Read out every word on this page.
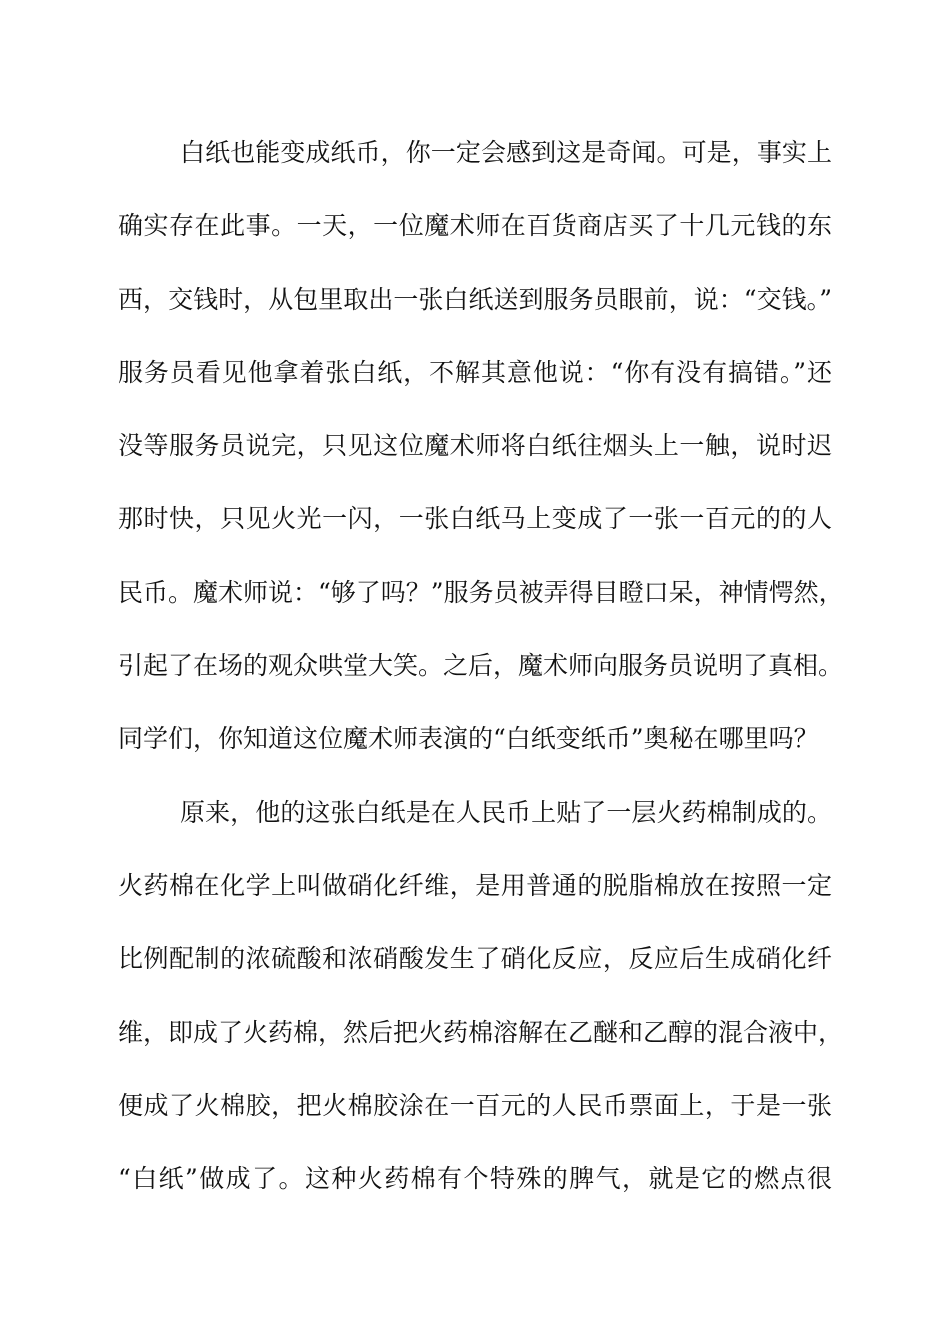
白纸也能变成纸币，你一定会感到这是奇闻。可是，事实上
确实存在此事。一天，一位魔术师在百货商店买了十几元钱的东
西，交钱时，从包里取出一张白纸送到服务员眼前，说：“交钱。”
服务员看见他拿着张白纸，不解其意他说：“你有没有搞错。”还
没等服务员说完，只见这位魔术师将白纸往烟头上一触，说时迟
那时快，只见火光一闪，一张白纸马上变成了一张一百元的的人
民币。魔术师说：“够了吗？”服务员被弄得目瞪口呆，神情愕然，
引起了在场的观众哄堂大笑。之后，魔术师向服务员说明了真相。
同学们，你知道这位魔术师表演的“白纸变纸币”奥秘在哪里吗？
原来，他的这张白纸是在人民币上贴了一层火药棉制成的。
火药棉在化学上叫做硝化纤维，是用普通的脱脂棉放在按照一定
比例配制的浓硫酸和浓硝酸发生了硝化反应，反应后生成硝化纤
维，即成了火药棉，然后把火药棉溶解在乙醚和乙醇的混合液中，
便成了火棉胶，把火棉胶涂在一百元的人民币票面上，于是一张
“白纸”做成了。这种火药棉有个特殊的脾气，就是它的燃点很
